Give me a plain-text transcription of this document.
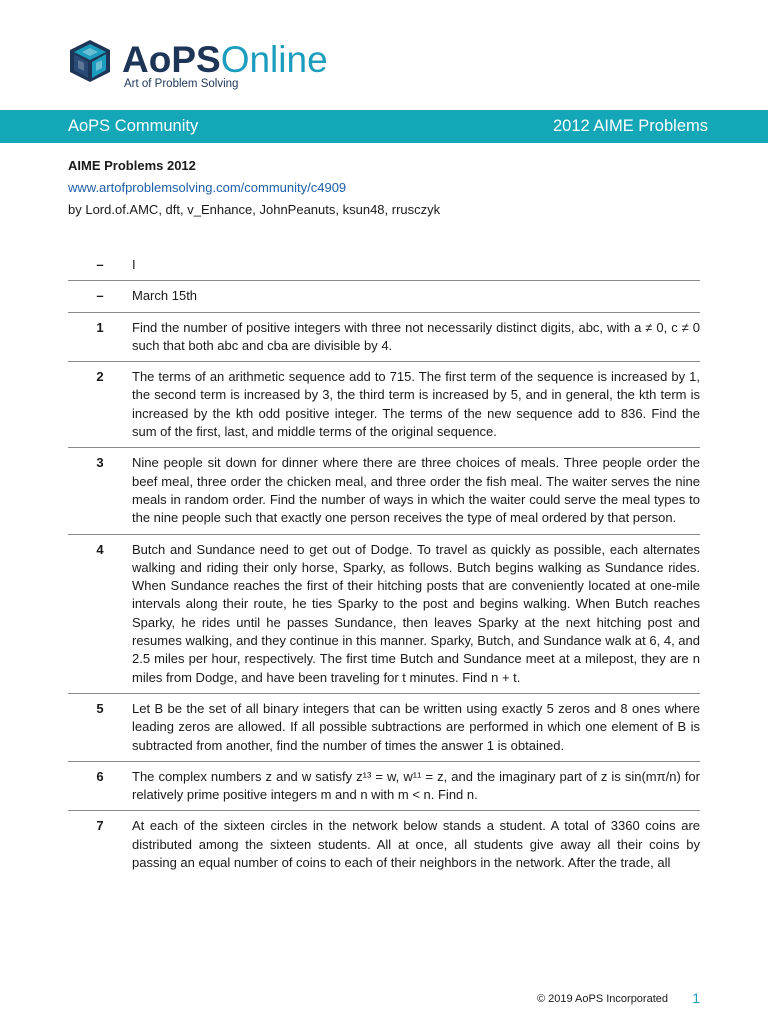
AoPSOnline
Art of Problem Solving
AoPS Community	2012 AIME Problems
AIME Problems 2012
www.artofproblemsolving.com/community/c4909
by Lord.of.AMC, dft, v_Enhance, JohnPeanuts, ksun48, rrusczyk
–	I
–	March 15th
1	Find the number of positive integers with three not necessarily distinct digits, abc, with a ≠ 0, c ≠ 0 such that both abc and cba are divisible by 4.
2	The terms of an arithmetic sequence add to 715. The first term of the sequence is increased by 1, the second term is increased by 3, the third term is increased by 5, and in general, the kth term is increased by the kth odd positive integer. The terms of the new sequence add to 836. Find the sum of the first, last, and middle terms of the original sequence.
3	Nine people sit down for dinner where there are three choices of meals. Three people order the beef meal, three order the chicken meal, and three order the fish meal. The waiter serves the nine meals in random order. Find the number of ways in which the waiter could serve the meal types to the nine people such that exactly one person receives the type of meal ordered by that person.
4	Butch and Sundance need to get out of Dodge. To travel as quickly as possible, each alternates walking and riding their only horse, Sparky, as follows. Butch begins walking as Sundance rides. When Sundance reaches the first of their hitching posts that are conveniently located at one-mile intervals along their route, he ties Sparky to the post and begins walking. When Butch reaches Sparky, he rides until he passes Sundance, then leaves Sparky at the next hitching post and resumes walking, and they continue in this manner. Sparky, Butch, and Sundance walk at 6, 4, and 2.5 miles per hour, respectively. The first time Butch and Sundance meet at a milepost, they are n miles from Dodge, and have been traveling for t minutes. Find n + t.
5	Let B be the set of all binary integers that can be written using exactly 5 zeros and 8 ones where leading zeros are allowed. If all possible subtractions are performed in which one element of B is subtracted from another, find the number of times the answer 1 is obtained.
6	The complex numbers z and w satisfy z¹³ = w, w¹¹ = z, and the imaginary part of z is sin(mπ/n) for relatively prime positive integers m and n with m < n. Find n.
7	At each of the sixteen circles in the network below stands a student. A total of 3360 coins are distributed among the sixteen students. All at once, all students give away all their coins by passing an equal number of coins to each of their neighbors in the network. After the trade, all
© 2019 AoPS Incorporated 1
